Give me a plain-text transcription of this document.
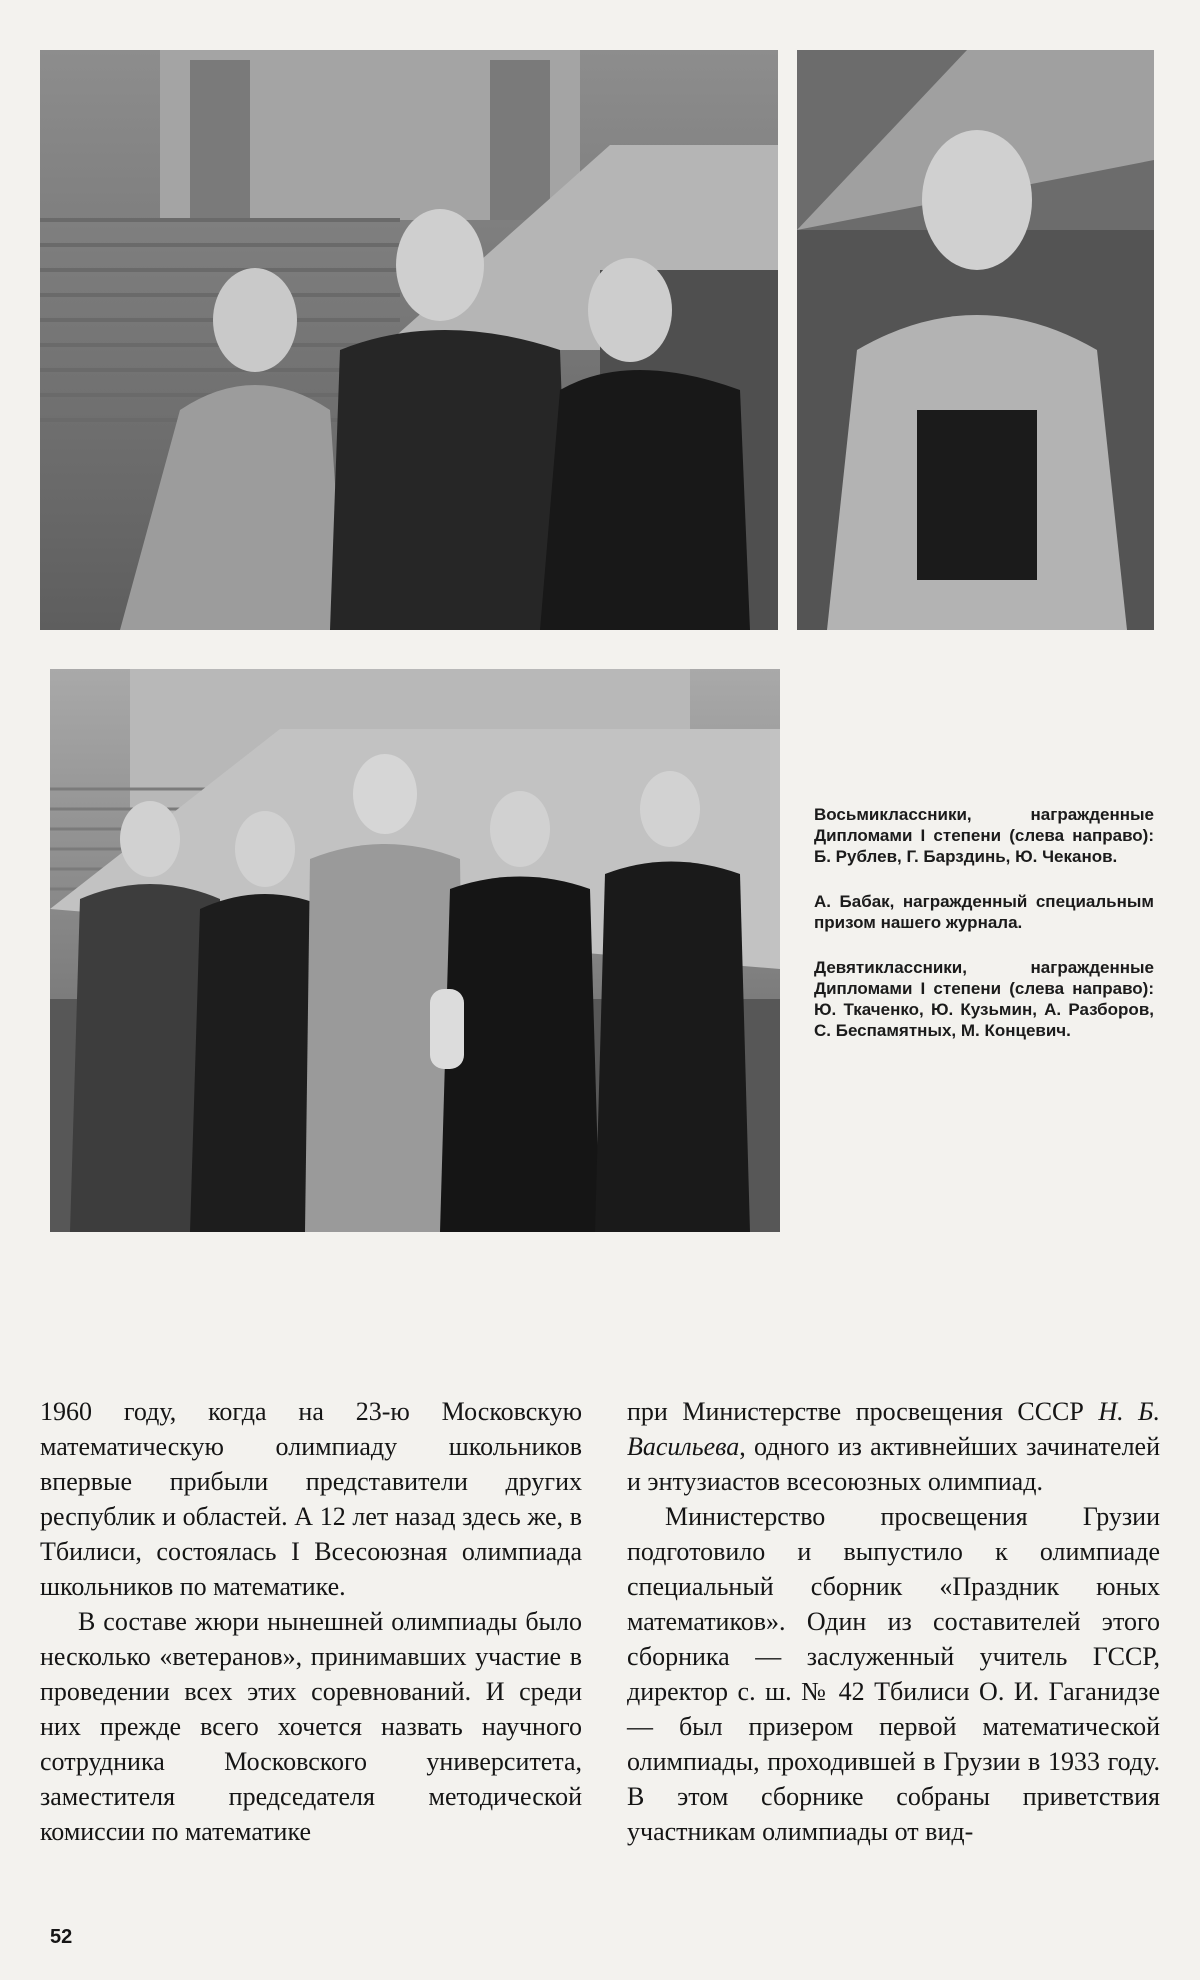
Восьмиклассники, награжденные Дипломами I степени (слева направо): Б. Рублев, Г. Барздинь, Ю. Чеканов.

А. Бабак, награжденный специальным призом нашего журнала.

Девятиклассники, награжденные Дипломами I степени (слева направо): Ю. Ткаченко, Ю. Кузьмин, А. Разборов, С. Беспамятных, М. Концевич.

1960 году, когда на 23-ю Московскую математическую олимпиаду школьников впервые прибыли представители других республик и областей. А 12 лет назад здесь же, в Тбилиси, состоялась I Всесоюзная олимпиада школьников по математике.

В составе жюри нынешней олимпиады было несколько «ветеранов», принимавших участие в проведении всех этих соревнований. И среди них прежде всего хочется назвать научного сотрудника Московского университета, заместителя председателя методической комиссии по математике

при Министерстве просвещения СССР Н. Б. Васильева, одного из активнейших зачинателей и энтузиастов всесоюзных олимпиад.

Министерство просвещения Грузии подготовило и выпустило к олимпиаде специальный сборник «Праздник юных математиков». Один из составителей этого сборника — заслуженный учитель ГССР, директор с. ш. № 42 Тбилиси О. И. Гаганидзе — был призером первой математической олимпиады, проходившей в Грузии в 1933 году. В этом сборнике собраны приветствия участникам олимпиады от вид-

52
